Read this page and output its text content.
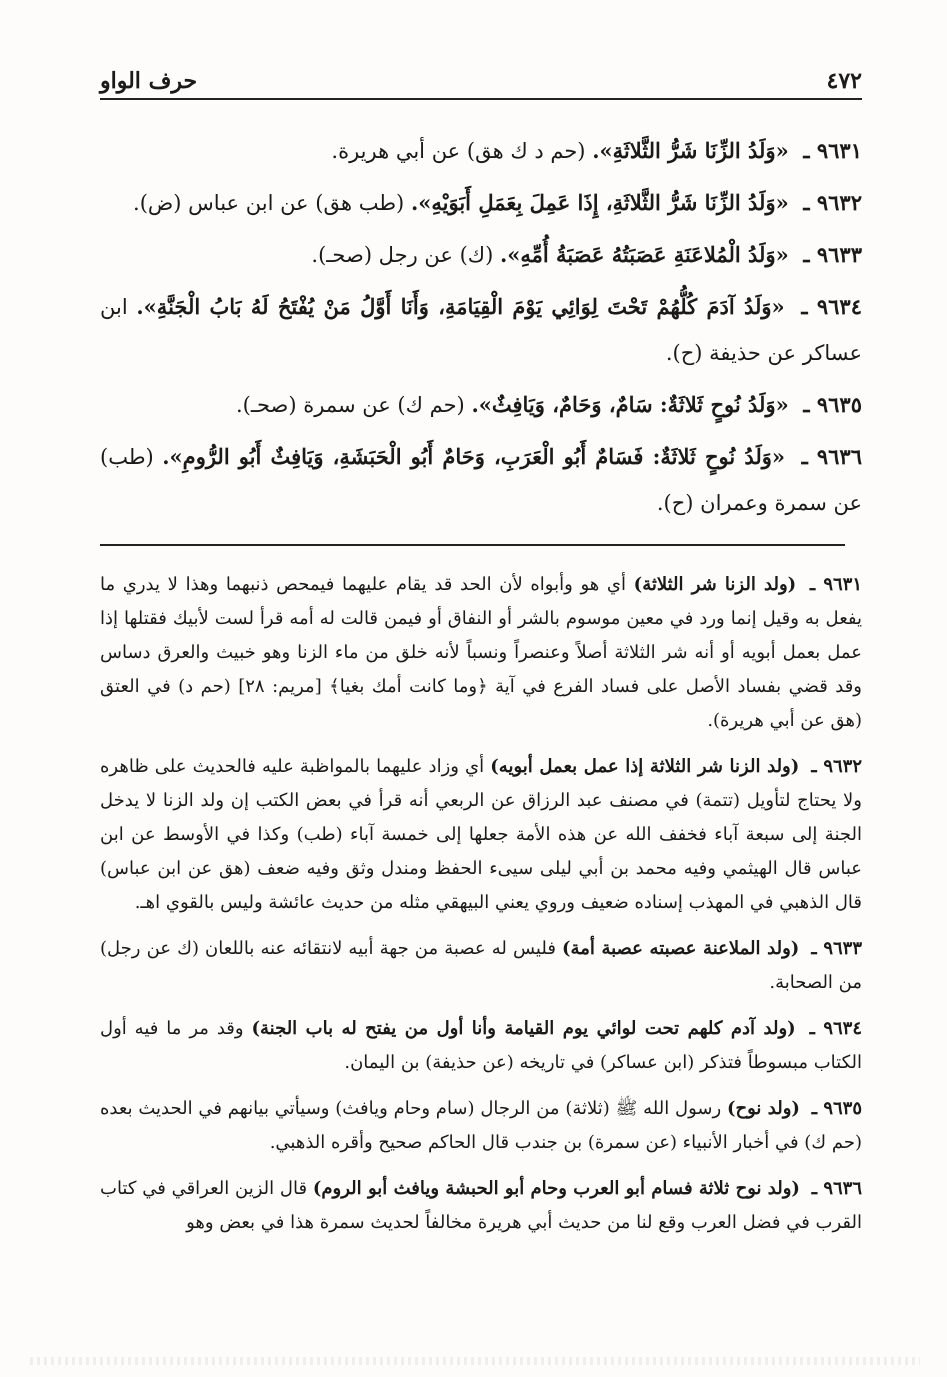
٤٧٢
حرف الواو

٩٦٣١ ـ «وَلَدُ الزِّنَا شَرُّ الثَّلاثَةِ». (حم د ك هق) عن أبي هريرة.

٩٦٣٢ ـ «وَلَدُ الزِّنَا شَرُّ الثَّلاثَةِ، إِذَا عَمِلَ بِعَمَلِ أَبَوَيْهِ». (طب هق) عن ابن عباس (ض).

٩٦٣٣ ـ «وَلَدُ الْمُلاعَنَةِ عَصَبَتُهُ عَصَبَةُ أُمِّهِ». (ك) عن رجل (صحـ).

٩٦٣٤ ـ «وَلَدُ آدَمَ كُلُّهُمْ تَحْتَ لِوَائِي يَوْمَ الْقِيَامَةِ، وَأَنَا أَوَّلُ مَنْ يُفْتَحُ لَهُ بَابُ الْجَنَّةِ». ابن عساكر عن حذيفة (ح).

٩٦٣٥ ـ «وَلَدُ نُوحٍ ثَلاثَةٌ: سَامٌ، وَحَامٌ، وَيَافِثٌ». (حم ك) عن سمرة (صحـ).

٩٦٣٦ ـ «وَلَدُ نُوحٍ ثَلاثَةٌ: فَسَامٌ أَبُو الْعَرَبِ، وَحَامٌ أَبُو الْحَبَشَةِ، وَيَافِثٌ أَبُو الرُّومِ». (طب) عن سمرة وعمران (ح).

٩٦٣١ ـ (ولد الزنا شر الثلاثة) أي هو وأبواه لأن الحد قد يقام عليهما فيمحص ذنبهما وهذا لا يدري ما يفعل به وقيل إنما ورد في معين موسوم بالشر أو النفاق أو فيمن قالت له أمه قرأ لست لأبيك فقتلها إذا عمل بعمل أبويه أو أنه شر الثلاثة أصلاً وعنصراً ونسباً لأنه خلق من ماء الزنا وهو خبيث والعرق دساس وقد قضي بفساد الأصل على فساد الفرع في آية ﴿وما كانت أمك بغيا﴾ [مريم: ٢٨] (حم د) في العتق (هق عن أبي هريرة).

٩٦٣٢ ـ (ولد الزنا شر الثلاثة إذا عمل بعمل أبويه) أي وزاد عليهما بالمواظبة عليه فالحديث على ظاهره ولا يحتاج لتأويل (تتمة) في مصنف عبد الرزاق عن الربعي أنه قرأ في بعض الكتب إن ولد الزنا لا يدخل الجنة إلى سبعة آباء فخفف الله عن هذه الأمة جعلها إلى خمسة آباء (طب) وكذا في الأوسط عن ابن عباس قال الهيثمي وفيه محمد بن أبي ليلى سيىء الحفظ ومندل وثق وفيه ضعف (هق عن ابن عباس) قال الذهبي في المهذب إسناده ضعيف وروي يعني البيهقي مثله من حديث عائشة وليس بالقوي اهـ.

٩٦٣٣ ـ (ولد الملاعنة عصبته عصبة أمة) فليس له عصبة من جهة أبيه لانتقائه عنه باللعان (ك عن رجل) من الصحابة.

٩٦٣٤ ـ (ولد آدم كلهم تحت لوائي يوم القيامة وأنا أول من يفتح له باب الجنة) وقد مر ما فيه أول الكتاب مبسوطاً فتذكر (ابن عساكر) في تاريخه (عن حذيفة) بن اليمان.

٩٦٣٥ ـ (ولد نوح) رسول الله ﷺ (ثلاثة) من الرجال (سام وحام ويافث) وسيأتي بيانهم في الحديث بعده (حم ك) في أخبار الأنبياء (عن سمرة) بن جندب قال الحاكم صحيح وأقره الذهبي.

٩٦٣٦ ـ (ولد نوح ثلاثة فسام أبو العرب وحام أبو الحبشة ويافث أبو الروم) قال الزين العراقي في كتاب القرب في فضل العرب وقع لنا من حديث أبي هريرة مخالفاً لحديث سمرة هذا في بعض وهو
